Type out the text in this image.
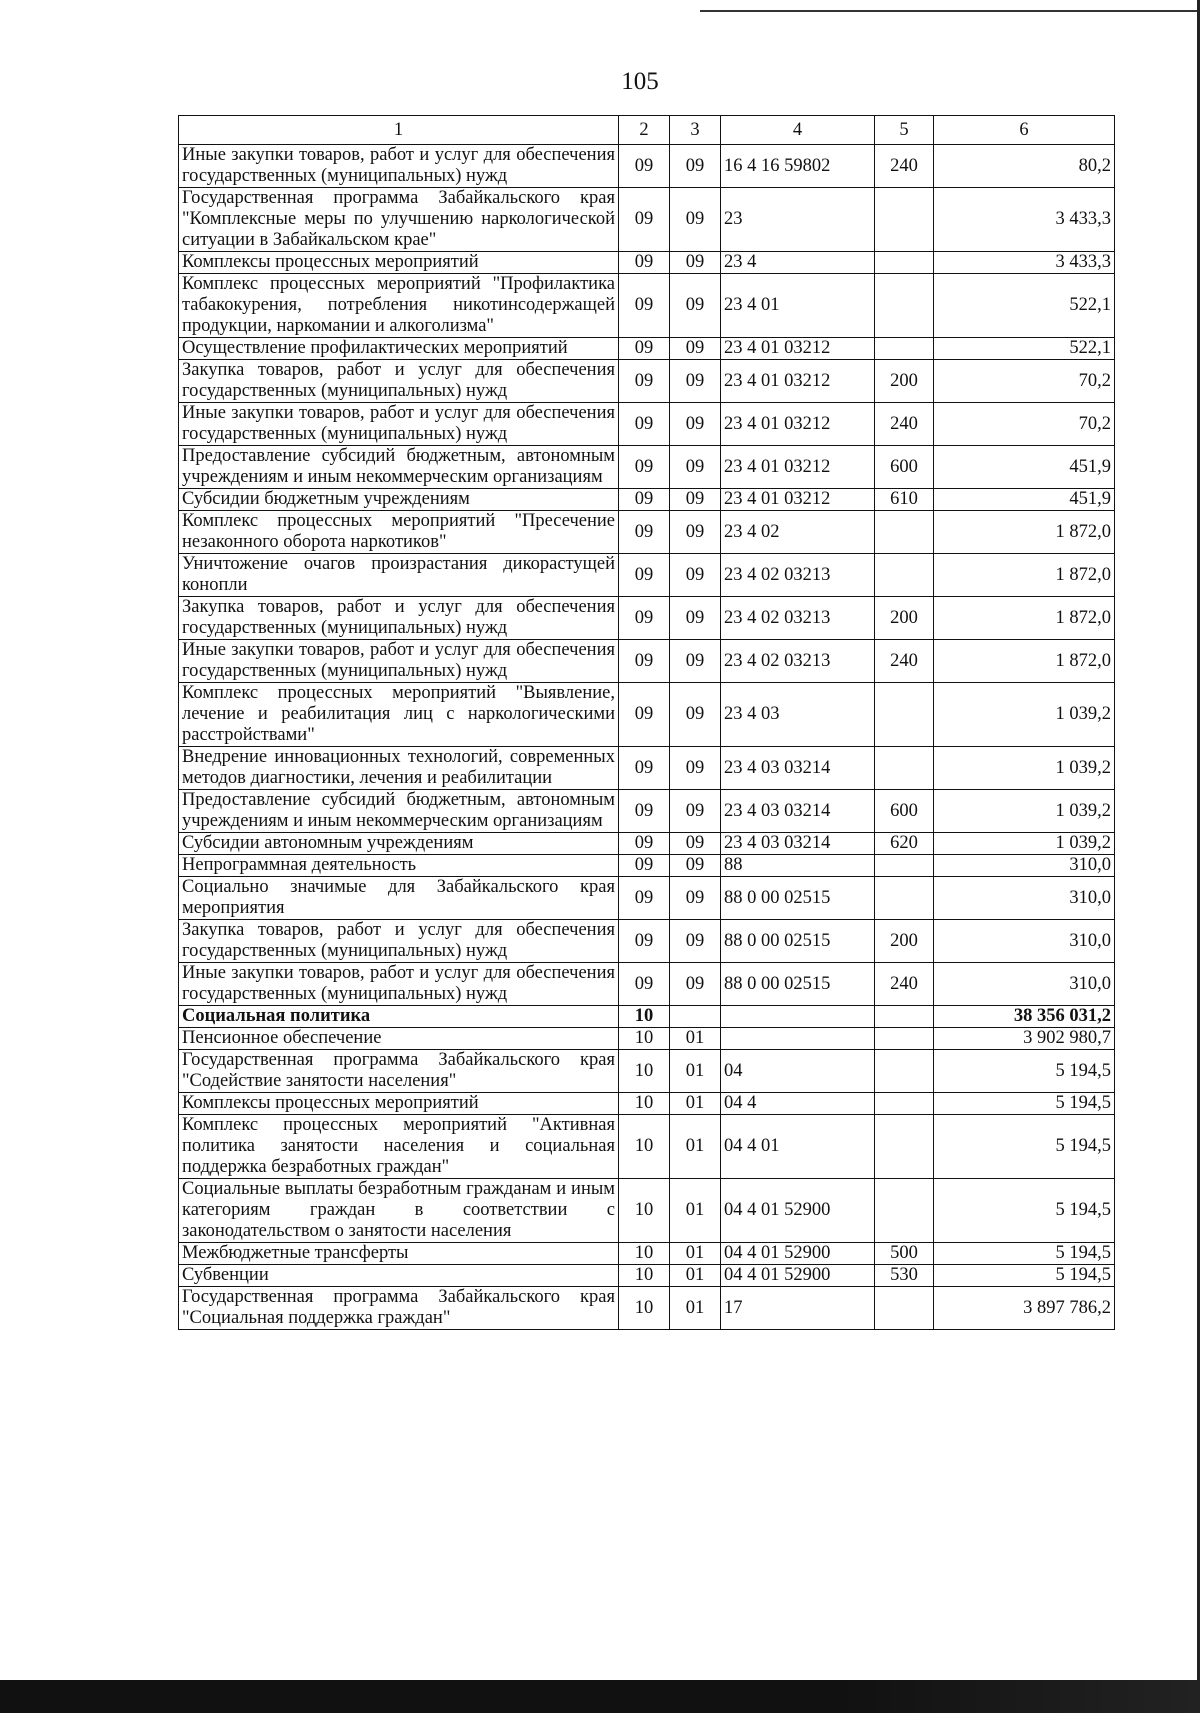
105
1	2	3	4	5	6
Иные закупки товаров, работ и услуг для обеспечения государственных (муниципальных) нужд	09	09	16 4 16 59802	240	80,2
Государственная программа Забайкальского края "Комплексные меры по улучшению наркологической ситуации в Забайкальском крае"	09	09	23		3 433,3
Комплексы процессных мероприятий	09	09	23 4		3 433,3
Комплекс процессных мероприятий "Профилактика табакокурения, потребления никотинсодержащей продукции, наркомании и алкоголизма"	09	09	23 4 01		522,1
Осуществление профилактических мероприятий	09	09	23 4 01 03212		522,1
Закупка товаров, работ и услуг для обеспечения государственных (муниципальных) нужд	09	09	23 4 01 03212	200	70,2
Иные закупки товаров, работ и услуг для обеспечения государственных (муниципальных) нужд	09	09	23 4 01 03212	240	70,2
Предоставление субсидий бюджетным, автономным учреждениям и иным некоммерческим организациям	09	09	23 4 01 03212	600	451,9
Субсидии бюджетным учреждениям	09	09	23 4 01 03212	610	451,9
Комплекс процессных мероприятий "Пресечение незаконного оборота наркотиков"	09	09	23 4 02		1 872,0
Уничтожение очагов произрастания дикорастущей конопли	09	09	23 4 02 03213		1 872,0
Закупка товаров, работ и услуг для обеспечения государственных (муниципальных) нужд	09	09	23 4 02 03213	200	1 872,0
Иные закупки товаров, работ и услуг для обеспечения государственных (муниципальных) нужд	09	09	23 4 02 03213	240	1 872,0
Комплекс процессных мероприятий "Выявление, лечение и реабилитация лиц с наркологическими расстройствами"	09	09	23 4 03		1 039,2
Внедрение инновационных технологий, современных методов диагностики, лечения и реабилитации	09	09	23 4 03 03214		1 039,2
Предоставление субсидий бюджетным, автономным учреждениям и иным некоммерческим организациям	09	09	23 4 03 03214	600	1 039,2
Субсидии автономным учреждениям	09	09	23 4 03 03214	620	1 039,2
Непрограммная деятельность	09	09	88		310,0
Социально значимые для Забайкальского края мероприятия	09	09	88 0 00 02515		310,0
Закупка товаров, работ и услуг для обеспечения государственных (муниципальных) нужд	09	09	88 0 00 02515	200	310,0
Иные закупки товаров, работ и услуг для обеспечения государственных (муниципальных) нужд	09	09	88 0 00 02515	240	310,0
Социальная политика	10				38 356 031,2
Пенсионное обеспечение	10	01			3 902 980,7
Государственная программа Забайкальского края "Содействие занятости населения"	10	01	04		5 194,5
Комплексы процессных мероприятий	10	01	04 4		5 194,5
Комплекс процессных мероприятий "Активная политика занятости населения и социальная поддержка безработных граждан"	10	01	04 4 01		5 194,5
Социальные выплаты безработным гражданам и иным категориям граждан в соответствии с законодательством о занятости населения	10	01	04 4 01 52900		5 194,5
Межбюджетные трансферты	10	01	04 4 01 52900	500	5 194,5
Субвенции	10	01	04 4 01 52900	530	5 194,5
Государственная программа Забайкальского края "Социальная поддержка граждан"	10	01	17		3 897 786,2
